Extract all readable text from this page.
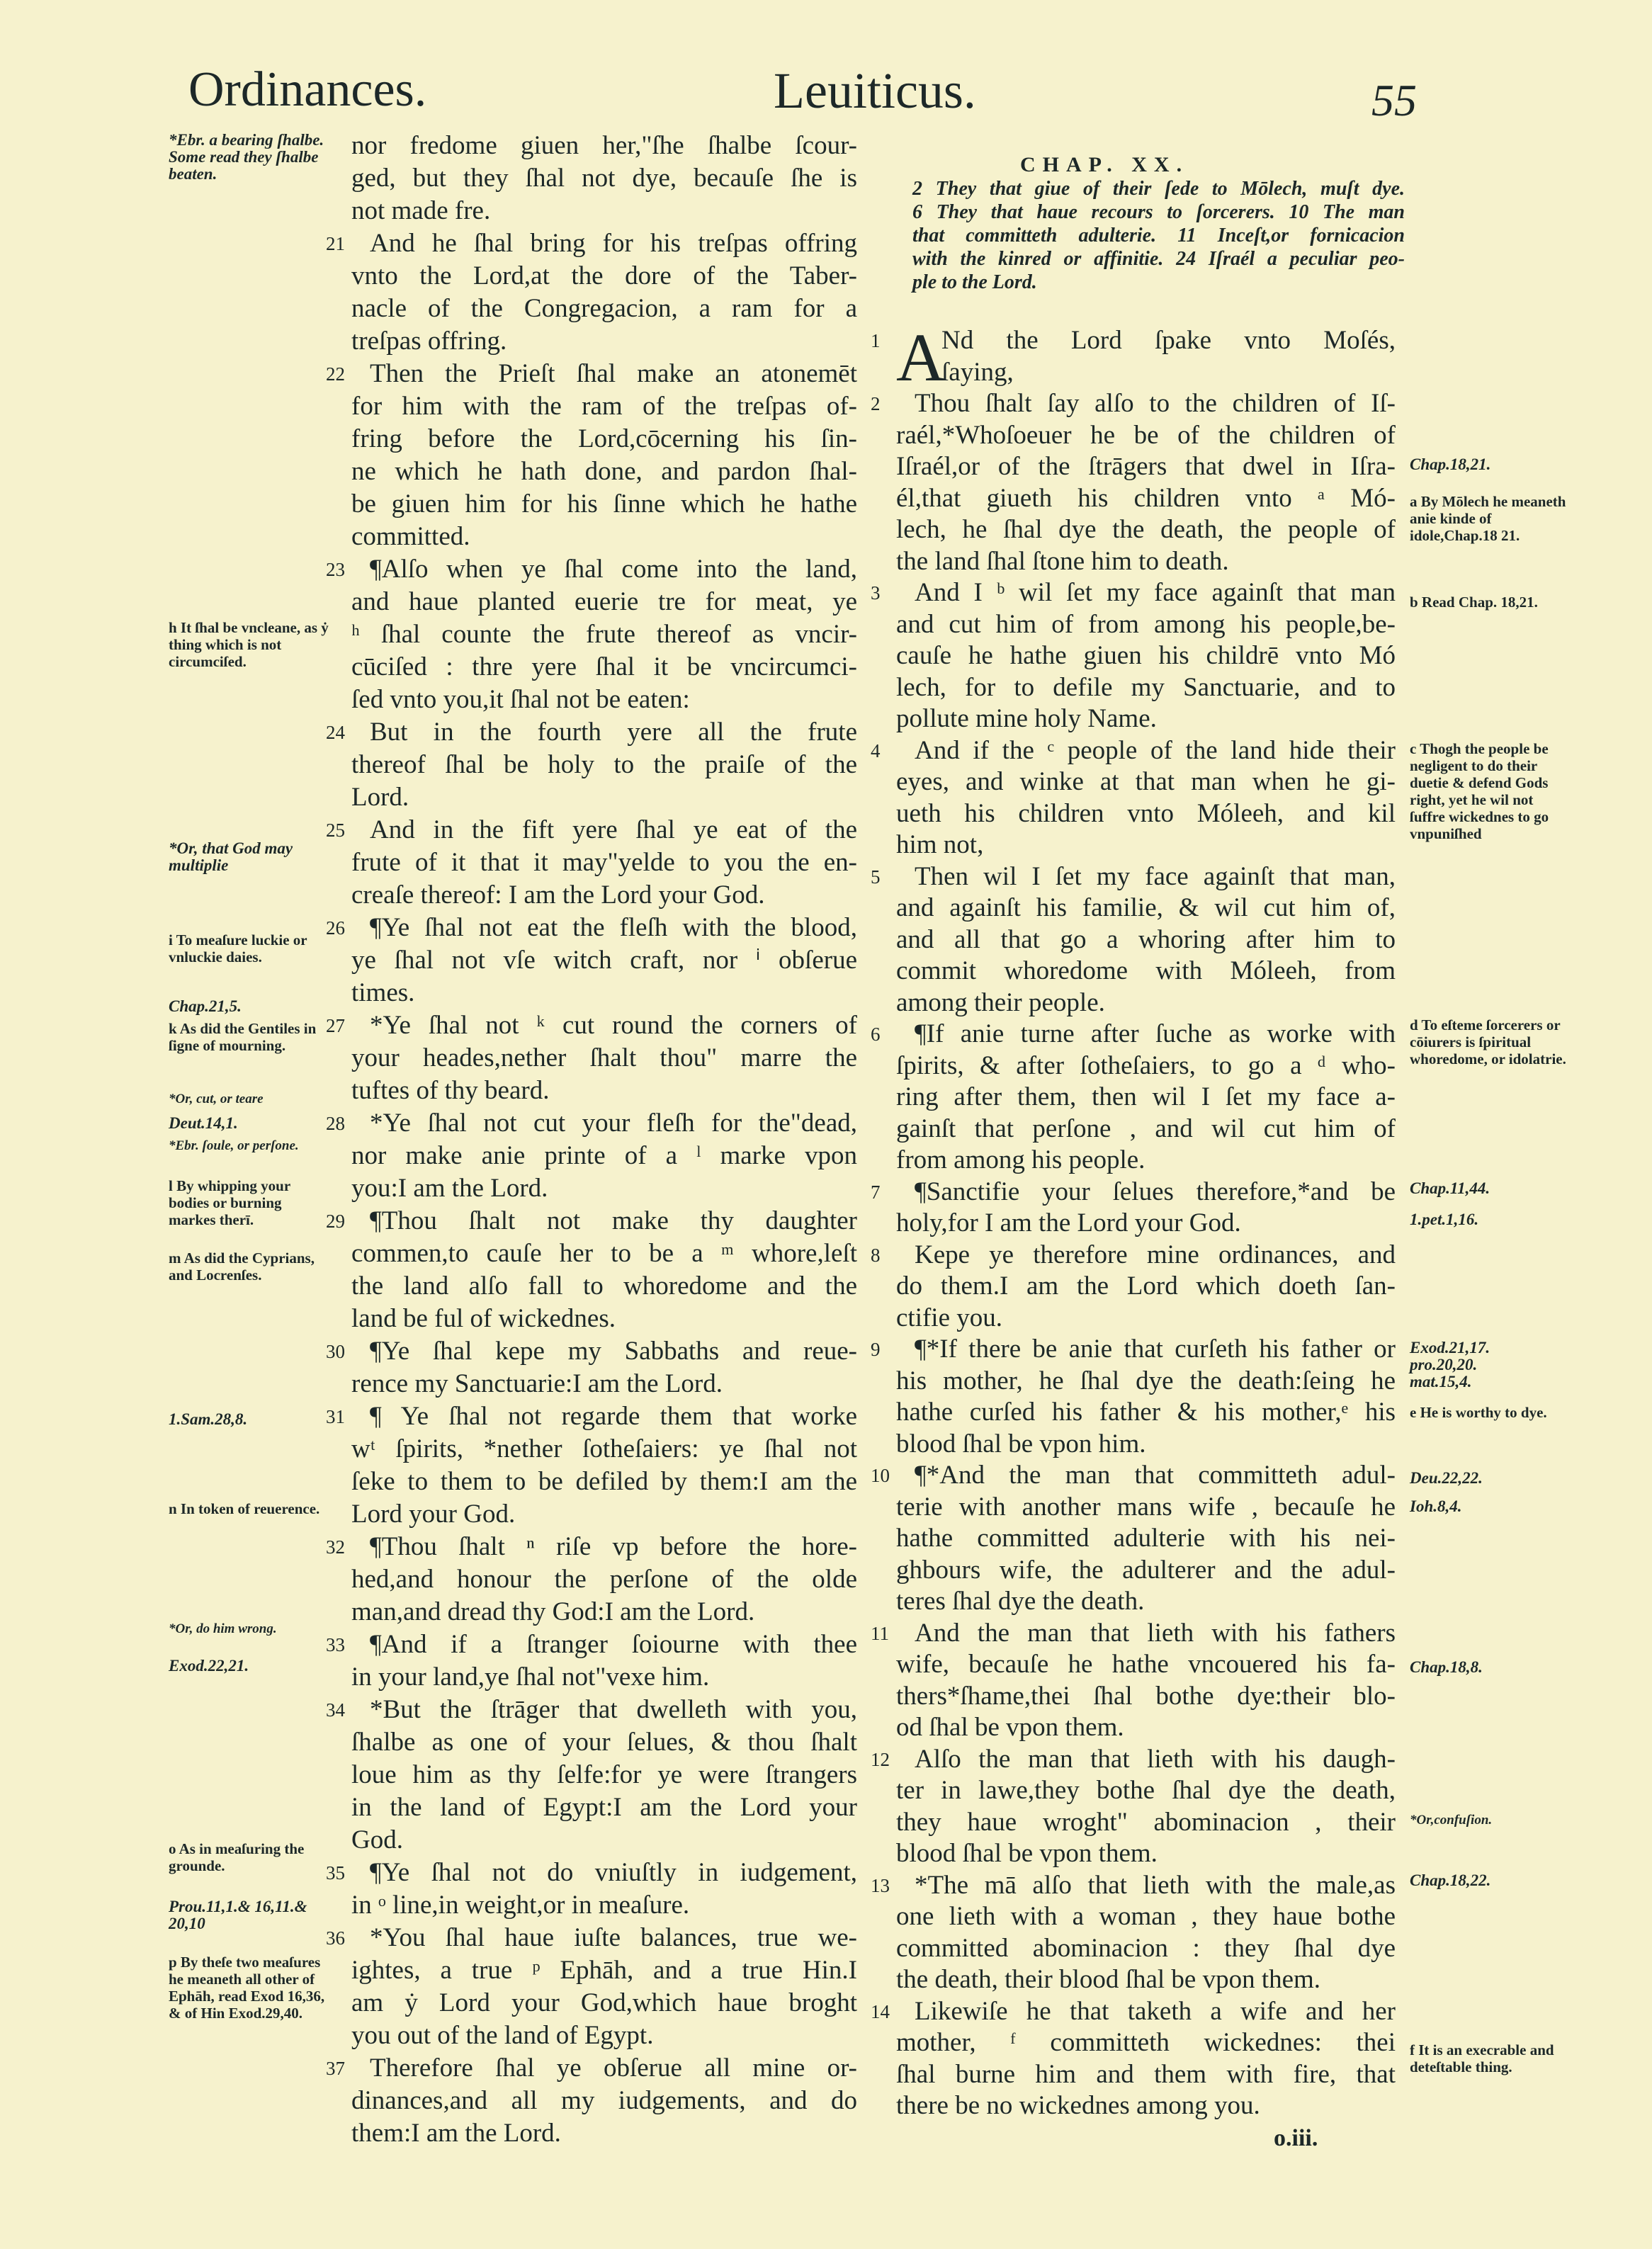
Ordinances.	Leuiticus.	55
nor fredome giuen her,"ſhe ſhalbe ſcour-
ged, but they ſhal not dye, becauſe ſhe is
not made fre.
21 And he ſhal bring for his treſpas offring
vnto the Lord,at the dore of the Taber-
nacle of the Congregacion, a ram for a
treſpas offring.
22 Then the Prieſt ſhal make an atonemēt
for him with the ram of the treſpas of-
fring before the Lord,cōcerning his ſin-
ne which he hath done, and pardon ſhal-
be giuen him for his ſinne which he hathe
committed.
23 ¶Alſo when ye ſhal come into the land,
and haue planted euerie tre for meat, ye
ʰ ſhal counte the frute thereof as vncir-
cūciſed : thre yere ſhal it be vncircumci-
ſed vnto you,it ſhal not be eaten:
24 But in the fourth yere all the frute
thereof ſhal be holy to the praiſe of the
Lord.
25 And in the fift yere ſhal ye eat of the
frute of it that it may"yelde to you the en-
creaſe thereof: I am the Lord your God.
26 ¶Ye ſhal not eat the fleſh with the blood,
ye ſhal not vſe witch craft, nor ⁱ obſerue
times.
27 *Ye ſhal not ᵏ cut round the corners of
your heades,nether ſhalt thou" marre the
tuftes of thy beard.
28 *Ye ſhal not cut your fleſh for the"dead,
nor make anie printe of a ˡ marke vpon
you:I am the Lord.
29 ¶Thou ſhalt not make thy daughter
commen,to cauſe her to be a ᵐ whore,leſt
the land alſo fall to whoredome and the
land be ful of wickednes.
30 ¶Ye ſhal kepe my Sabbaths and reue-
rence my Sanctuarie:I am the Lord.
31 ¶ Ye ſhal not regarde them that worke
wᵗ ſpirits, *nether ſotheſaiers: ye ſhal not
ſeke to them to be defiled by them:I am the
Lord your God.
32 ¶Thou ſhalt ⁿ riſe vp before the hore-
hed,and honour the perſone of the olde
man,and dread thy God:I am the Lord.
33 ¶And if a ſtranger ſoiourne with thee
in your land,ye ſhal not"vexe him.
34 *But the ſtrāger that dwelleth with you,
ſhalbe as one of your ſelues, & thou ſhalt
loue him as thy ſelfe:for ye were ſtrangers
in the land of Egypt:I am the Lord your
God.
35 ¶Ye ſhal not do vniuſtly in iudgement,
in ᵒ line,in weight,or in meaſure.
36 *You ſhal haue iuſte balances, true we-
ightes, a true ᵖ Ephāh, and a true Hin.I
am ẏ Lord your God,which haue broght
you out of the land of Egypt.
37 Therefore ſhal ye obſerue all mine or-
dinances,and all my iudgements, and do
them:I am the Lord.
CHAP. XX.
2 They that giue of their ſede to Mōlech, muſt dye.
6 They that haue recours to ſorcerers. 10 The man
that committeth adulterie. 11 Inceſt,or fornicacion
with the kinred or affinitie. 24 Iſraél a peculiar peo-
ple to the Lord.
1 A
Nd the Lord ſpake vnto Moſés,
ſaying,
2 Thou ſhalt ſay alſo to the children of Iſ-
raél,*Whoſoeuer he be of the children of
Iſraél,or of the ſtrāgers that dwel in Iſra-
él,that giueth his children vnto ᵃ Mó-
lech, he ſhal dye the death, the people of
the land ſhal ſtone him to death.
3 And I ᵇ wil ſet my face againſt that man
and cut him of from among his people,be-
cauſe he hathe giuen his childrē vnto Mó
lech, for to defile my Sanctuarie, and to
pollute mine holy Name.
4 And if the ᶜ people of the land hide their
eyes, and winke at that man when he gi-
ueth his children vnto Móleeh, and kil
him not,
5 Then wil I ſet my face againſt that man,
and againſt his familie, & wil cut him of,
and all that go a whoring after him to
commit whoredome with Móleeh, from
among their people.
6 ¶If anie turne after ſuche as worke with
ſpirits, & after ſotheſaiers, to go a ᵈ who-
ring after them, then wil I ſet my face a-
gainſt that perſone , and wil cut him of
from among his people.
7 ¶Sanctifie your ſelues therefore,*and be
holy,for I am the Lord your God.
8 Kepe ye therefore mine ordinances, and
do them.I am the Lord which doeth ſan-
ctifie you.
9 ¶*If there be anie that curſeth his father or
his mother, he ſhal dye the death:ſeing he
hathe curſed his father & his mother,ᵉ his
blood ſhal be vpon him.
10 ¶*And the man that committeth adul-
terie with another mans wife , becauſe he
hathe committed adulterie with his nei-
ghbours wife, the adulterer and the adul-
teres ſhal dye the death.
11 And the man that lieth with his fathers
wife, becauſe he hathe vncouered his fa-
thers*ſhame,thei ſhal bothe dye:their blo-
od ſhal be vpon them.
12 Alſo the man that lieth with his daugh-
ter in lawe,they bothe ſhal dye the death,
they haue wroght" abominacion , their
blood ſhal be vpon them.
13 *The mā alſo that lieth with the male,as
one lieth with a woman , they haue bothe
committed abominacion : they ſhal dye
the death, their blood ſhal be vpon them.
14 Likewiſe he that taketh a wife and her
mother, ᶠ committeth wickednes: thei
ſhal burne him and them with fire, that
there be no wickednes among you.
*Ebr. a bearing ſhalbe. Some read they ſhalbe beaten.
h It ſhal be vncleane, as ẏ thing which is not circumciſed.
*Or, that God may multiplie
i To meaſure luckie or vnluckie daies.
Chap.21,5.
k As did the Gentiles in ſigne of mourning.
*Or, cut, or teare
Deut.14,1.
*Ebr. ſoule, or perſone.
l By whipping your bodies or burning markes therī.
m As did the Cyprians, and Locrenſes.
1.Sam.28,8.
n In token of reuerence.
*Or, do him wrong.
Exod.22,21.
o As in meaſuring the grounde.
Prou.11,1.& 16,11.& 20,10
p By theſe two meaſures he meaneth all other of Ephāh, read Exod 16,36, & of Hin Exod.29,40.
Chap.18,21.
a By Mōlech he meaneth anie kinde of idole,Chap.18 21.
b Read Chap. 18,21.
c Thogh the people be negligent to do their duetie & defend Gods right, yet he wil not ſuffre wickednes to go vnpuniſhed
d To eſteme ſorcerers or cōiurers is ſpiritual whoredome, or idolatrie.
Chap.11,44.
1.pet.1,16.
Exod.21,17. pro.20,20. mat.15,4.
e He is worthy to dye.
Deu.22,22.
Ioh.8,4.
Chap.18,8.
*Or,confuſion.
Chap.18,22.
f It is an execrable and deteſtable thing.
o.iii.
